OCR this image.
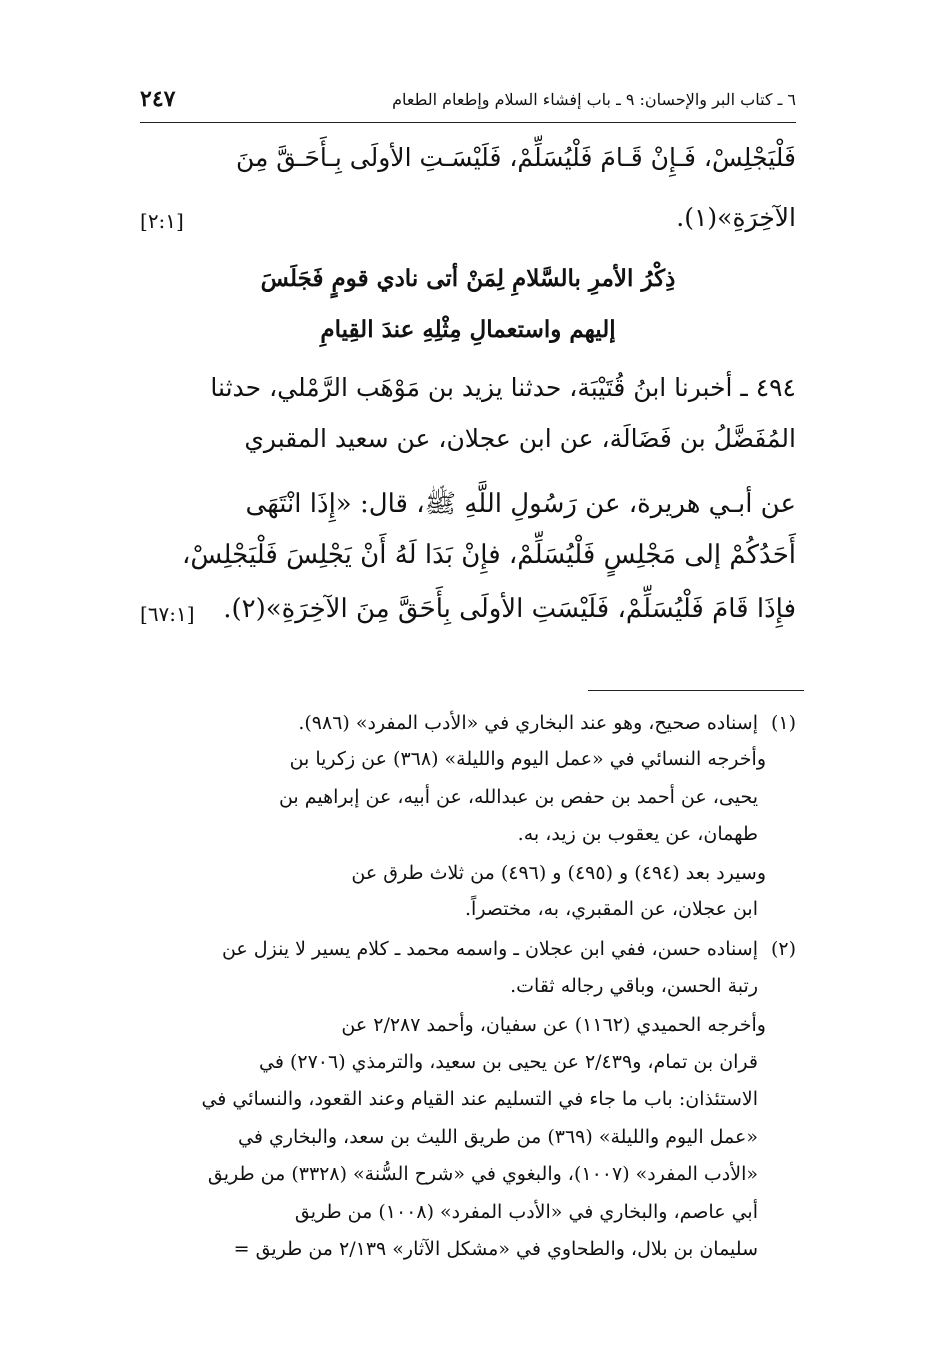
٦ ـ كتاب البر والإحسان: ٩ ـ باب إفشاء السلام وإطعام الطعام
٢٤٧
فَلْيَجْلِسْ، فَـإِنْ قَـامَ فَلْيُسَلِّمْ، فَلَيْسَـتِ الأولَى بِـأَحَـقَّ مِنَ
الآخِرَةِ»(١).
[٢:١]
ذِكْرُ الأمرِ بالسَّلامِ لِمَنْ أتى نادي قومٍ فَجَلَسَ
إليهم واستعمالِ مِثْلِهِ عندَ القِيامِ
٤٩٤ ـ أخبرنا ابنُ قُتَيْبَة، حدثنا يزيد بن مَوْهَب الرَّمْلي، حدثنا
المُفَضَّلُ بن فَضَالَة، عن ابن عجلان، عن سعيد المقبري
عن أبـي هريرة، عن رَسُولِ اللَّهِ ﷺ، قال: «إِذَا انْتَهَى
أَحَدُكُمْ إلى مَجْلِسٍ فَلْيُسَلِّمْ، فإِنْ بَدَا لَهُ أَنْ يَجْلِسَ فَلْيَجْلِسْ،
فإِذَا قَامَ فَلْيُسَلِّمْ، فَلَيْسَتِ الأولَى بِأَحَقَّ مِنَ الآخِرَةِ»(٢).
[٦٧:١]
(١)إسناده صحيح، وهو عند البخاري في «الأدب المفرد» (٩٨٦).
وأخرجه النسائي في «عمل اليوم والليلة» (٣٦٨) عن زكريا بن
يحيى، عن أحمد بن حفص بن عبدالله، عن أبيه، عن إبراهيم بن
طهمان، عن يعقوب بن زيد، به.
وسيرد بعد (٤٩٤) و (٤٩٥) و (٤٩٦) من ثلاث طرق عن
ابن عجلان، عن المقبري، به، مختصراً.
(٢)إسناده حسن، ففي ابن عجلان ـ واسمه محمد ـ كلام يسير لا ينزل عن
رتبة الحسن، وباقي رجاله ثقات.
وأخرجه الحميدي (١١٦٢) عن سفيان، وأحمد ٢/٢٨٧ عن
قران بن تمام، و٢/٤٣٩ عن يحيى بن سعيد، والترمذي (٢٧٠٦) في
الاستئذان: باب ما جاء في التسليم عند القيام وعند القعود، والنسائي في
«عمل اليوم والليلة» (٣٦٩) من طريق الليث بن سعد، والبخاري في
«الأدب المفرد» (١٠٠٧)، والبغوي في «شرح السُّنة» (٣٣٢٨) من طريق
أبي عاصم، والبخاري في «الأدب المفرد» (١٠٠٨) من طريق
سليمان بن بلال، والطحاوي في «مشكل الآثار» ٢/١٣٩ من طريق =
